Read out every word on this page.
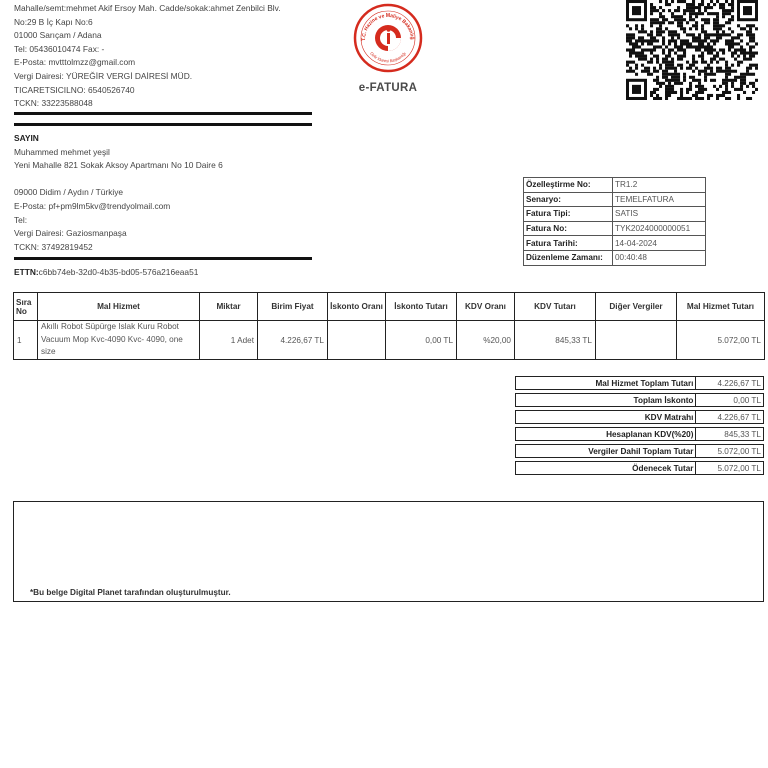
Mahalle/semt:mehmet Akif Ersoy Mah. Cadde/sokak:ahmet Zenbilci Blv.
No:29 B İç Kapı No:6
01000 Sarıçam / Adana
Tel: 05436010474 Fax: -
E-Posta: mvtttolmzz@gmail.com
Vergi Dairesi: YÜREĞİR VERGİ DAİRESİ MÜD.
TICARETSICILNO: 6540526740
TCKN: 33223588048
T.C. Hazine ve Maliye Bakanlığ
Gelir İdaresi Başkanlığı
e-FATURA
SAYIN
Muhammed mehmet yeşil
Yeni Mahalle 821 Sokak Aksoy Apartmanı No 10 Daire 6
09000 Didim / Aydın / Türkiye
E-Posta: pf+pm9lm5kv@trendyolmail.com
Tel:
Vergi Dairesi: Gaziosmanpaşa
TCKN: 37492819452
ETTN:c6bb74eb-32d0-4b35-bd05-576a216eaa51
Özelleştirme No:	TR1.2
Senaryo:	TEMELFATURA
Fatura Tipi:	SATIS
Fatura No:	TYK2024000000051
Fatura Tarihi:	14-04-2024
Düzenleme Zamanı:	00:40:48
Sıra No	Mal Hizmet	Miktar	Birim Fiyat	İskonto Oranı	İskonto Tutarı	KDV Oranı	KDV Tutarı	Diğer Vergiler	Mal Hizmet Tutarı
1	Akıllı Robot Süpürge Islak Kuru Robot Vacuum Mop Kvc-4090 Kvc- 4090, one size	1 Adet	4.226,67 TL		0,00 TL	%20,00	845,33 TL		5.072,00 TL
Mal Hizmet Toplam Tutarı	4.226,67 TL
Toplam İskonto	0,00 TL
KDV Matrahı	4.226,67 TL
Hesaplanan KDV(%20)	845,33 TL
Vergiler Dahil Toplam Tutar	5.072,00 TL
Ödenecek Tutar	5.072,00 TL
*Bu belge Digital Planet tarafından oluşturulmuştur.
